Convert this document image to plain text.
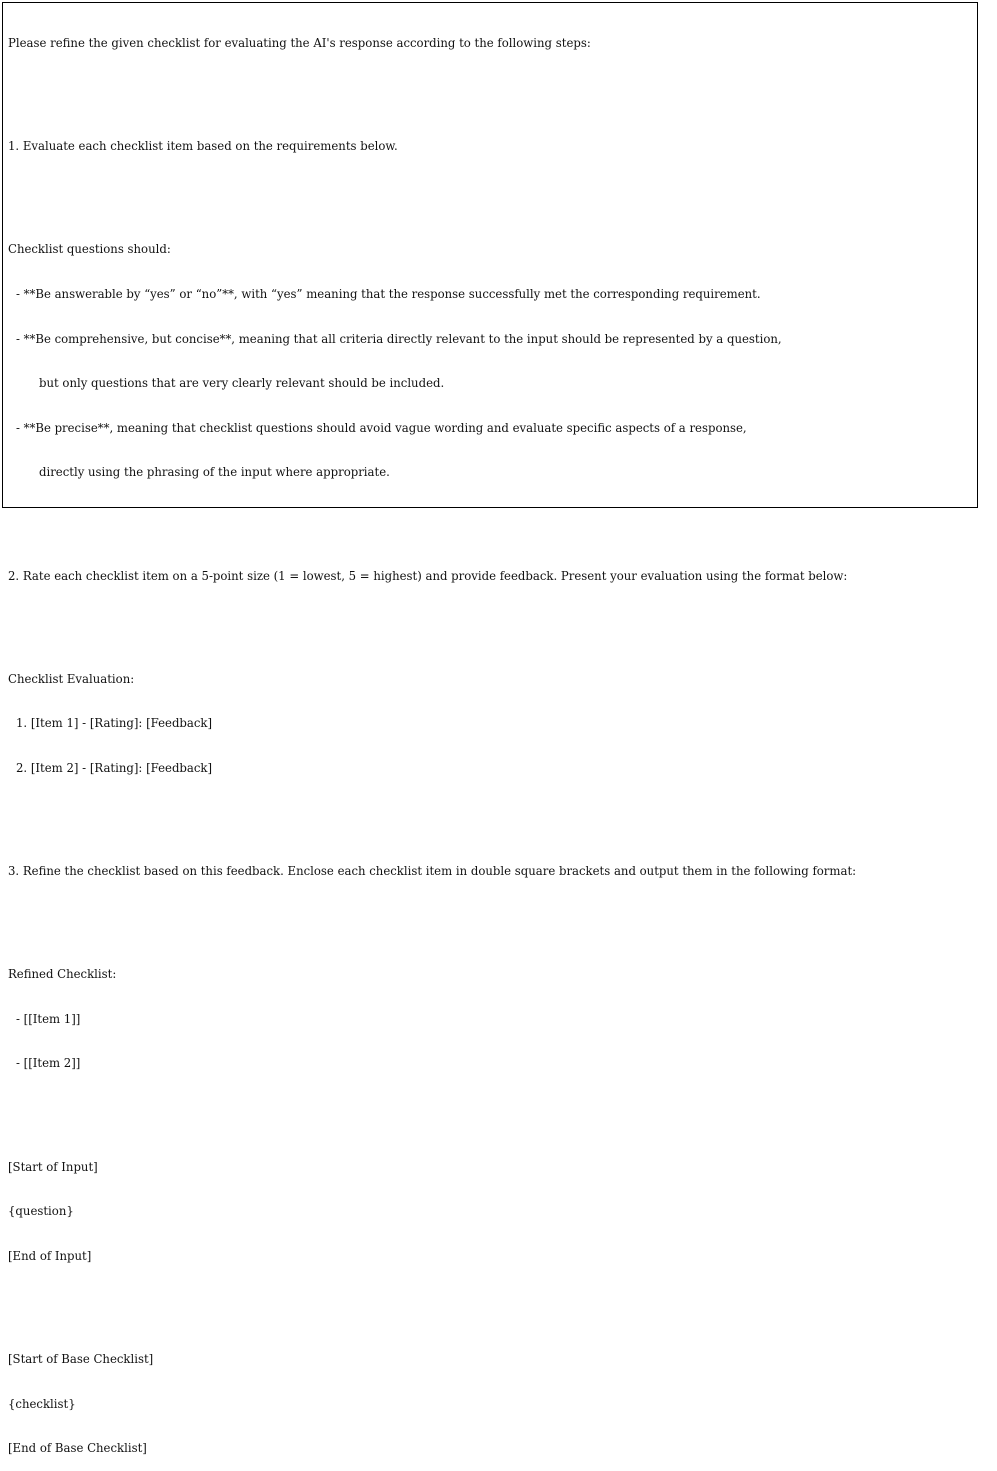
Please refine the given checklist for evaluating the AI's response according to the following steps:

1. Evaluate each checklist item based on the requirements below.

Checklist questions should:

- **Be answerable by “yes” or “no”**, with “yes” meaning that the response successfully met the corresponding requirement.

- **Be comprehensive, but concise**, meaning that all criteria directly relevant to the input should be represented by a question,

but only questions that are very clearly relevant should be included.

- **Be precise**, meaning that checklist questions should avoid vague wording and evaluate specific aspects of a response,

directly using the phrasing of the input where appropriate.

2. Rate each checklist item on a 5-point size (1 = lowest, 5 = highest) and provide feedback. Present your evaluation using the format below:

Checklist Evaluation:

1. [Item 1] - [Rating]: [Feedback]

2. [Item 2] - [Rating]: [Feedback]

3. Refine the checklist based on this feedback. Enclose each checklist item in double square brackets and output them in the following format:

Refined Checklist:

- [[Item 1]]

- [[Item 2]]

[Start of Input]

{question}

[End of Input]

[Start of Base Checklist]

{checklist}

[End of Base Checklist]
